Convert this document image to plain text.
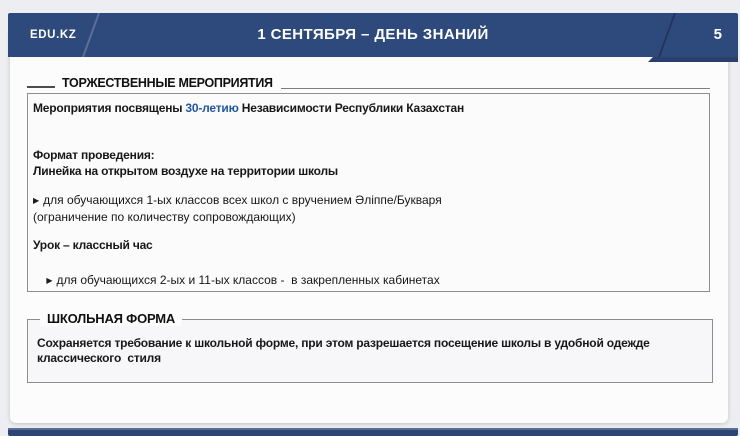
EDU.KZ	1 СЕНТЯБРЯ – ДЕНЬ ЗНАНИЙ	5
ТОРЖЕСТВЕННЫЕ МЕРОПРИЯТИЯ
Мероприятия посвящены 30-летию Независимости Республики Казахстан
Формат проведения:
Линейка на открытом воздухе на территории школы
▶ для обучающихся 1-ых классов всех школ с вручением Әліппе/Букваря
(ограничение по количеству сопровождающих)
Урок – классный час

▶ для обучающихся 2-ых и 11-ых классов -  в закрепленных кабинетах

ШКОЛЬНАЯ ФОРМА
Сохраняется требование к школьной форме, при этом разрешается посещение школы в удобной одежде  классического  стиля
